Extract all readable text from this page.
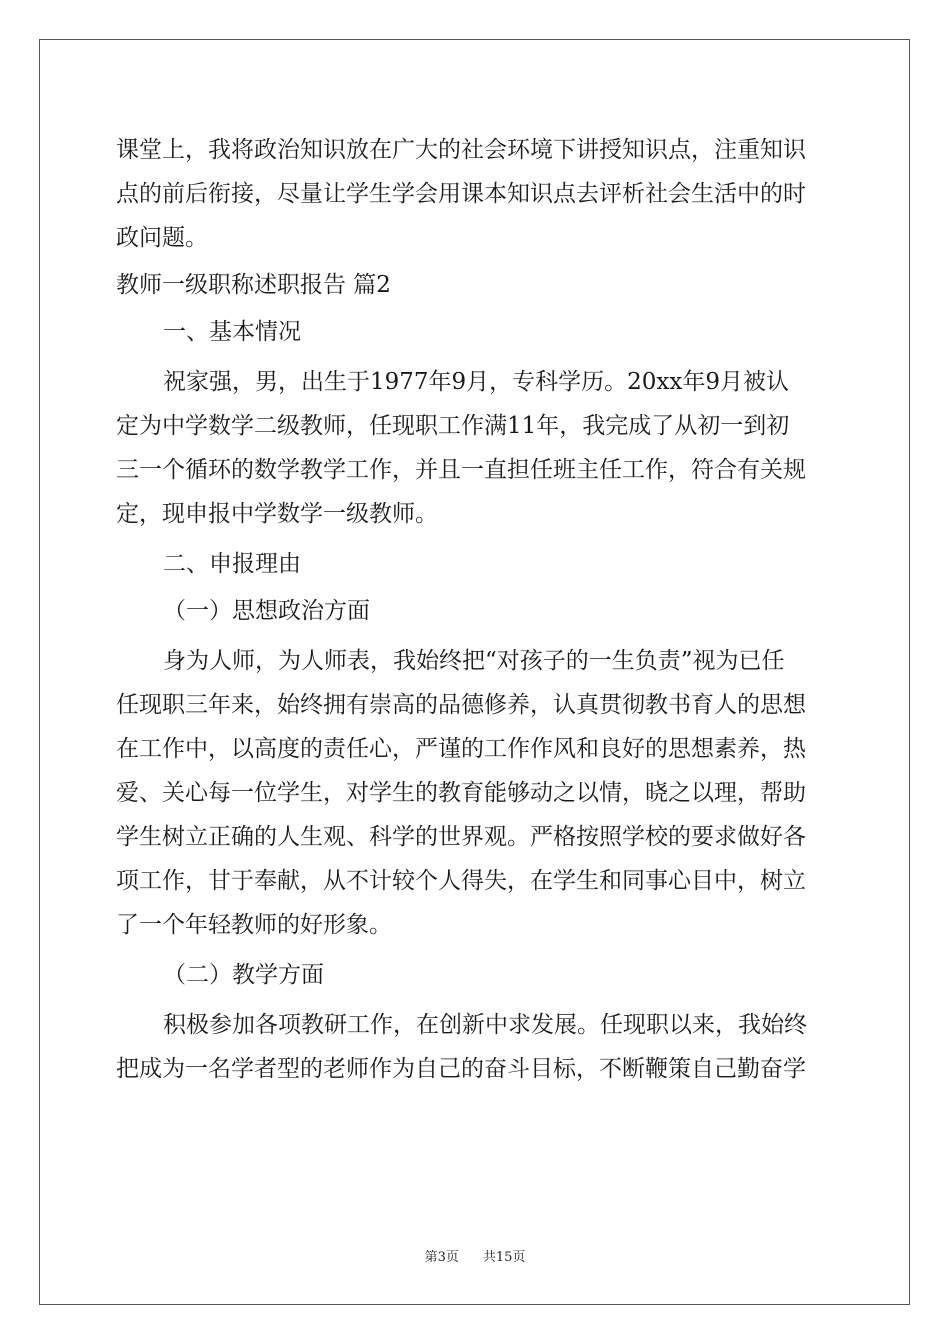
课堂上，我将政治知识放在广大的社会环境下讲授知识点，注重知识

点的前后衔接，尽量让学生学会用课本知识点去评析社会生活中的时

政问题。

教师一级职称述职报告 篇2

一、基本情况

祝家强，男，出生于1977年9月，专科学历。20xx年9月被认

定为中学数学二级教师，任现职工作满11年，我完成了从初一到初

三一个循环的数学教学工作，并且一直担任班主任工作，符合有关规

定，现申报中学数学一级教师。

二、申报理由

（一）思想政治方面

身为人师，为人师表，我始终把“对孩子的一生负责”视为已任

任现职三年来，始终拥有崇高的品德修养，认真贯彻教书育人的思想

在工作中，以高度的责任心，严谨的工作作风和良好的思想素养，热

爱、关心每一位学生，对学生的教育能够动之以情，晓之以理，帮助

学生树立正确的人生观、科学的世界观。严格按照学校的要求做好各

项工作，甘于奉献，从不计较个人得失，在学生和同事心目中，树立

了一个年轻教师的好形象。

（二）教学方面

积极参加各项教研工作，在创新中求发展。任现职以来，我始终

把成为一名学者型的老师作为自己的奋斗目标，不断鞭策自己勤奋学

第3页 共15页
